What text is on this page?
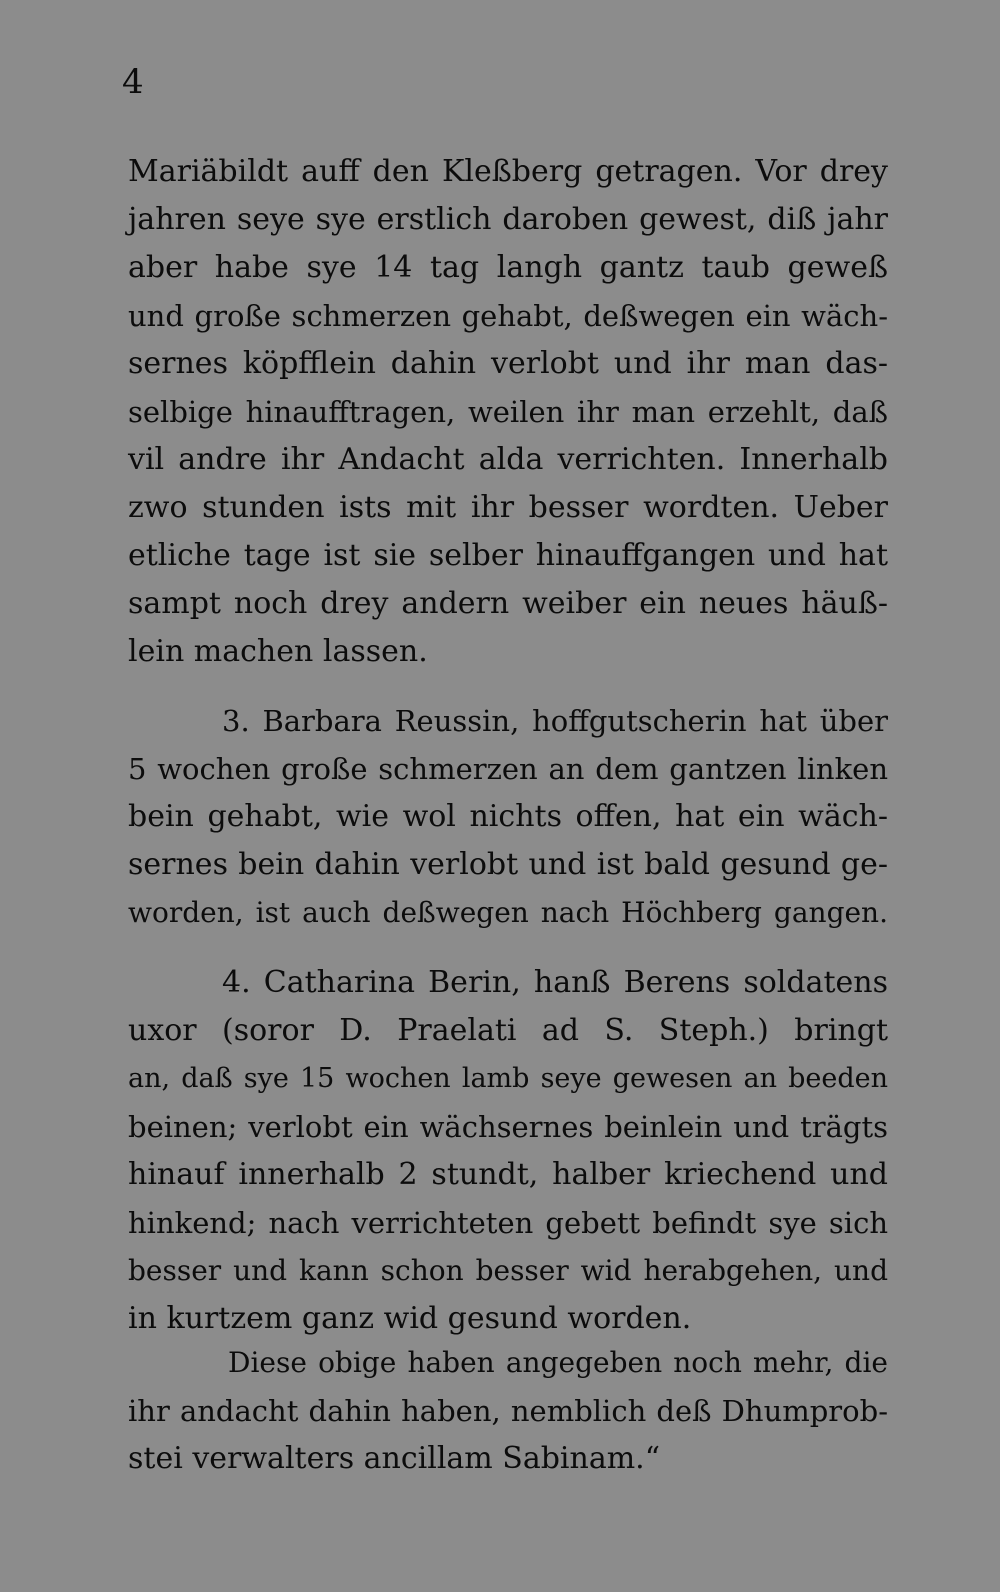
4
Mariäbildt auff den Kleßberg getragen. Vor drey
jahren seye sye erstlich daroben gewest, diß jahr
aber habe sye 14 tag langh gantz taub geweß
und große schmerzen gehabt, deßwegen ein wäch-
sernes köpfflein dahin verlobt und ihr man das-
selbige hinaufftragen, weilen ihr man erzehlt, daß
vil andre ihr Andacht alda verrichten. Innerhalb
zwo stunden ists mit ihr besser wordten. Ueber
etliche tage ist sie selber hinauffgangen und hat
sampt noch drey andern weiber ein neues häuß-
lein machen lassen.
3. Barbara Reussin, hoffgutscherin hat über
5 wochen große schmerzen an dem gantzen linken
bein gehabt, wie wol nichts offen, hat ein wäch-
sernes bein dahin verlobt und ist bald gesund ge-
worden, ist auch deßwegen nach Höchberg gangen.
4. Catharina Berin, hanß Berens soldatens
uxor (soror D. Praelati ad S. Steph.) bringt
an, daß sye 15 wochen lamb seye gewesen an beeden
beinen; verlobt ein wächsernes beinlein und trägts
hinauf innerhalb 2 stundt, halber kriechend und
hinkend; nach verrichteten gebett befindt sye sich
besser und kann schon besser wid herabgehen, und
in kurtzem ganz wid gesund worden.
Diese obige haben angegeben noch mehr, die
ihr andacht dahin haben, nemblich deß Dhumprob-
stei verwalters ancillam Sabinam.“
